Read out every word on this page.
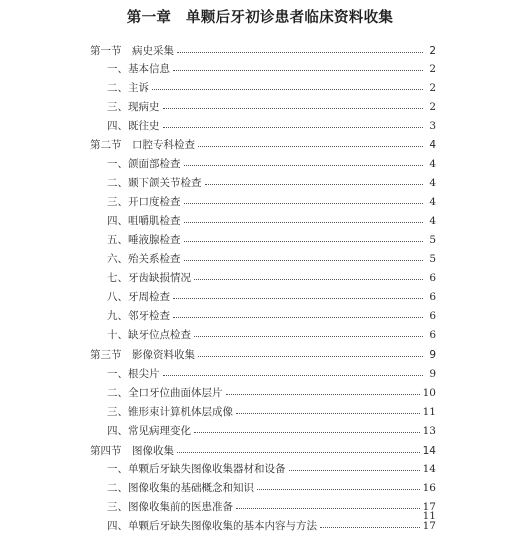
第一章　单颗后牙初诊患者临床资料收集
第一节　病史采集	2
一、基本信息	2
二、主诉	2
三、现病史	2
四、既往史	3
第二节　口腔专科检查	4
一、颌面部检查	4
二、颞下颌关节检查	4
三、开口度检查	4
四、咀嚼肌检查	4
五、唾液腺检查	5
六、殆关系检查	5
七、牙齿缺损情况	6
八、牙周检查	6
九、邻牙检查	6
十、缺牙位点检查	6
第三节　影像资料收集	9
一、根尖片	9
二、全口牙位曲面体层片	10
三、锥形束计算机体层成像	11
四、常见病理变化	13
第四节　图像收集	14
一、单颗后牙缺失图像收集器材和设备	14
二、图像收集的基础概念和知识	16
三、图像收集前的医患准备	17
四、单颗后牙缺失图像收集的基本内容与方法	17
11
